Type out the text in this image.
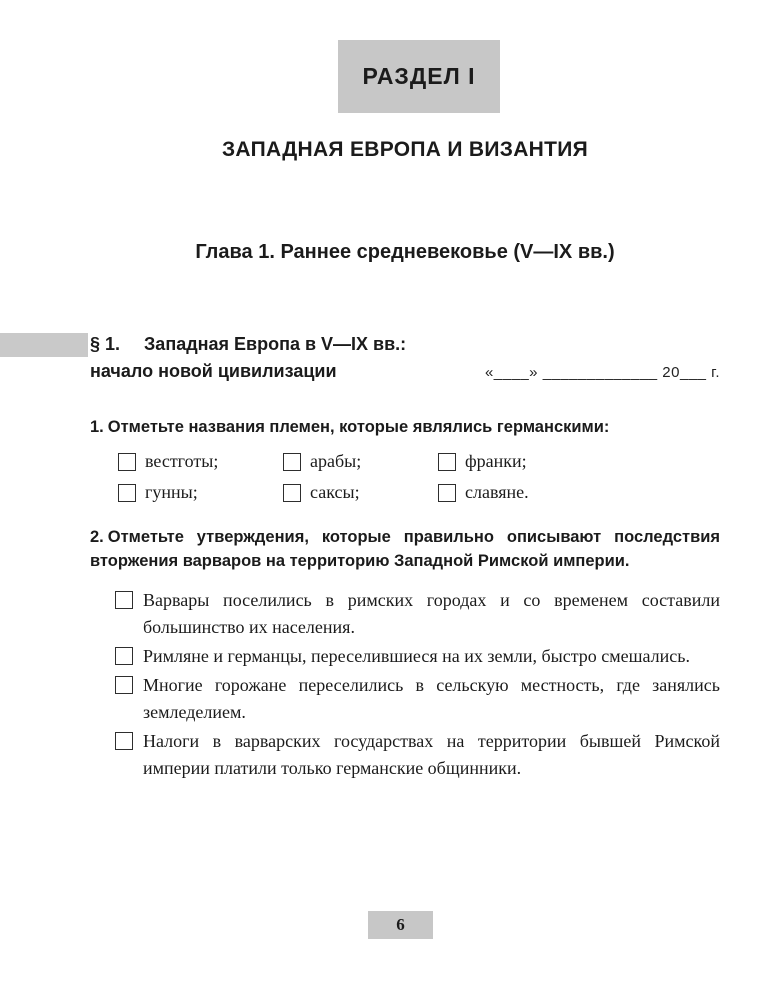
РАЗДЕЛ I
ЗАПАДНАЯ ЕВРОПА И ВИЗАНТИЯ
Глава 1. Раннее средневековье (V—IX вв.)
§ 1. Западная Европа в V—IX вв.:
начало новой цивилизации	«____» _____________ 20___ г.

1. Отметьте названия племен, которые являлись германскими:

вестготы;	арабы;	франки;
гунны;	саксы;	славяне.

2. Отметьте утверждения, которые правильно описывают последствия вторжения варваров на территорию Западной Римской империи.

Варвары поселились в римских городах и со временем составили большинство их населения.
Римляне и германцы, переселившиеся на их земли, быстро смешались.
Многие горожане переселились в сельскую местность, где занялись земледелием.
Налоги в варварских государствах на территории бывшей Римской империи платили только германские общинники.
6
